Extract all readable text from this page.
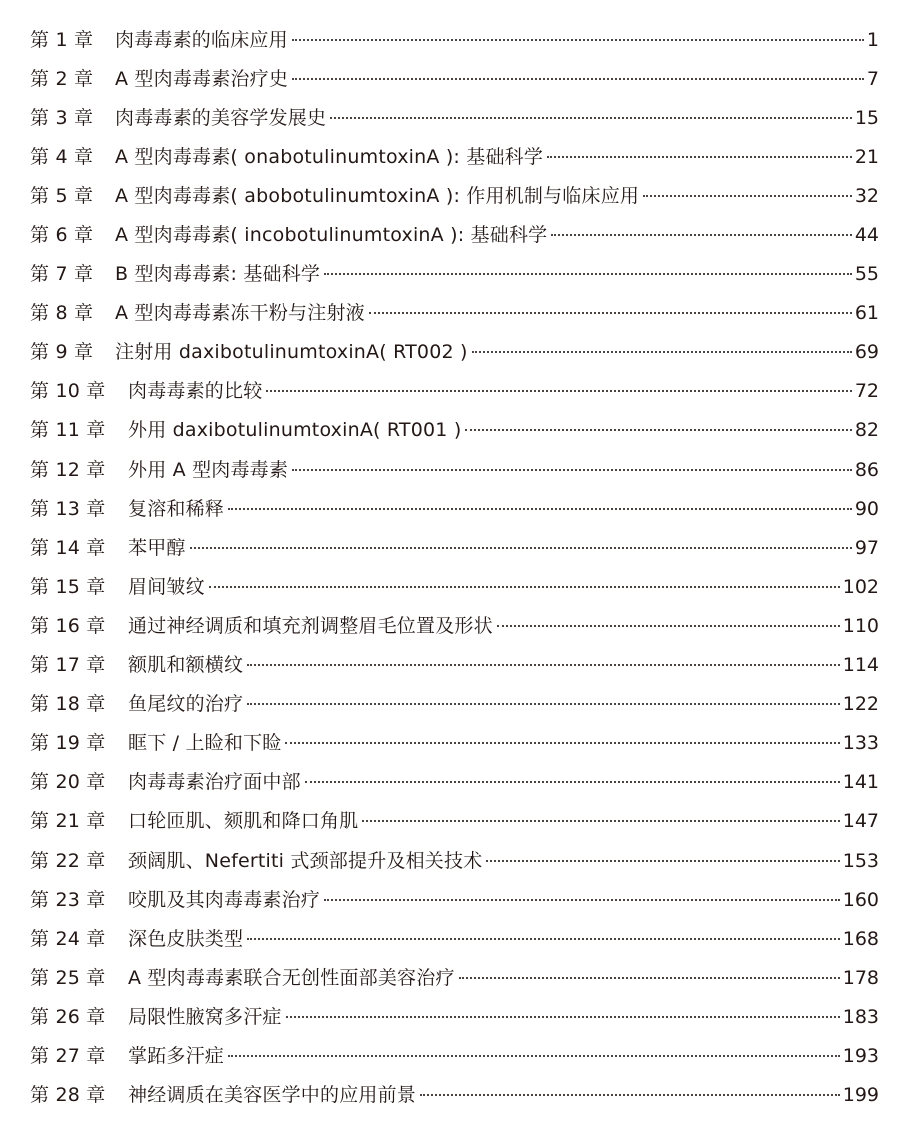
第 1 章 肉毒毒素的临床应用	1
第 2 章 A 型肉毒毒素治疗史	7
第 3 章 肉毒毒素的美容学发展史	15
第 4 章 A 型肉毒毒素( onabotulinumtoxinA ): 基础科学	21
第 5 章 A 型肉毒毒素( abobotulinumtoxinA ): 作用机制与临床应用	32
第 6 章 A 型肉毒毒素( incobotulinumtoxinA ): 基础科学	44
第 7 章 B 型肉毒毒素: 基础科学	55
第 8 章 A 型肉毒毒素冻干粉与注射液	61
第 9 章 注射用 daxibotulinumtoxinA( RT002 )	69
第 10 章 肉毒毒素的比较	72
第 11 章 外用 daxibotulinumtoxinA( RT001 )	82
第 12 章 外用 A 型肉毒毒素	86
第 13 章 复溶和稀释	90
第 14 章 苯甲醇	97
第 15 章 眉间皱纹	102
第 16 章 通过神经调质和填充剂调整眉毛位置及形状	110
第 17 章 额肌和额横纹	114
第 18 章 鱼尾纹的治疗	122
第 19 章 眶下 / 上睑和下睑	133
第 20 章 肉毒毒素治疗面中部	141
第 21 章 口轮匝肌、颏肌和降口角肌	147
第 22 章 颈阔肌、Nefertiti 式颈部提升及相关技术	153
第 23 章 咬肌及其肉毒毒素治疗	160
第 24 章 深色皮肤类型	168
第 25 章 A 型肉毒毒素联合无创性面部美容治疗	178
第 26 章 局限性腋窝多汗症	183
第 27 章 掌跖多汗症	193
第 28 章 神经调质在美容医学中的应用前景	199
